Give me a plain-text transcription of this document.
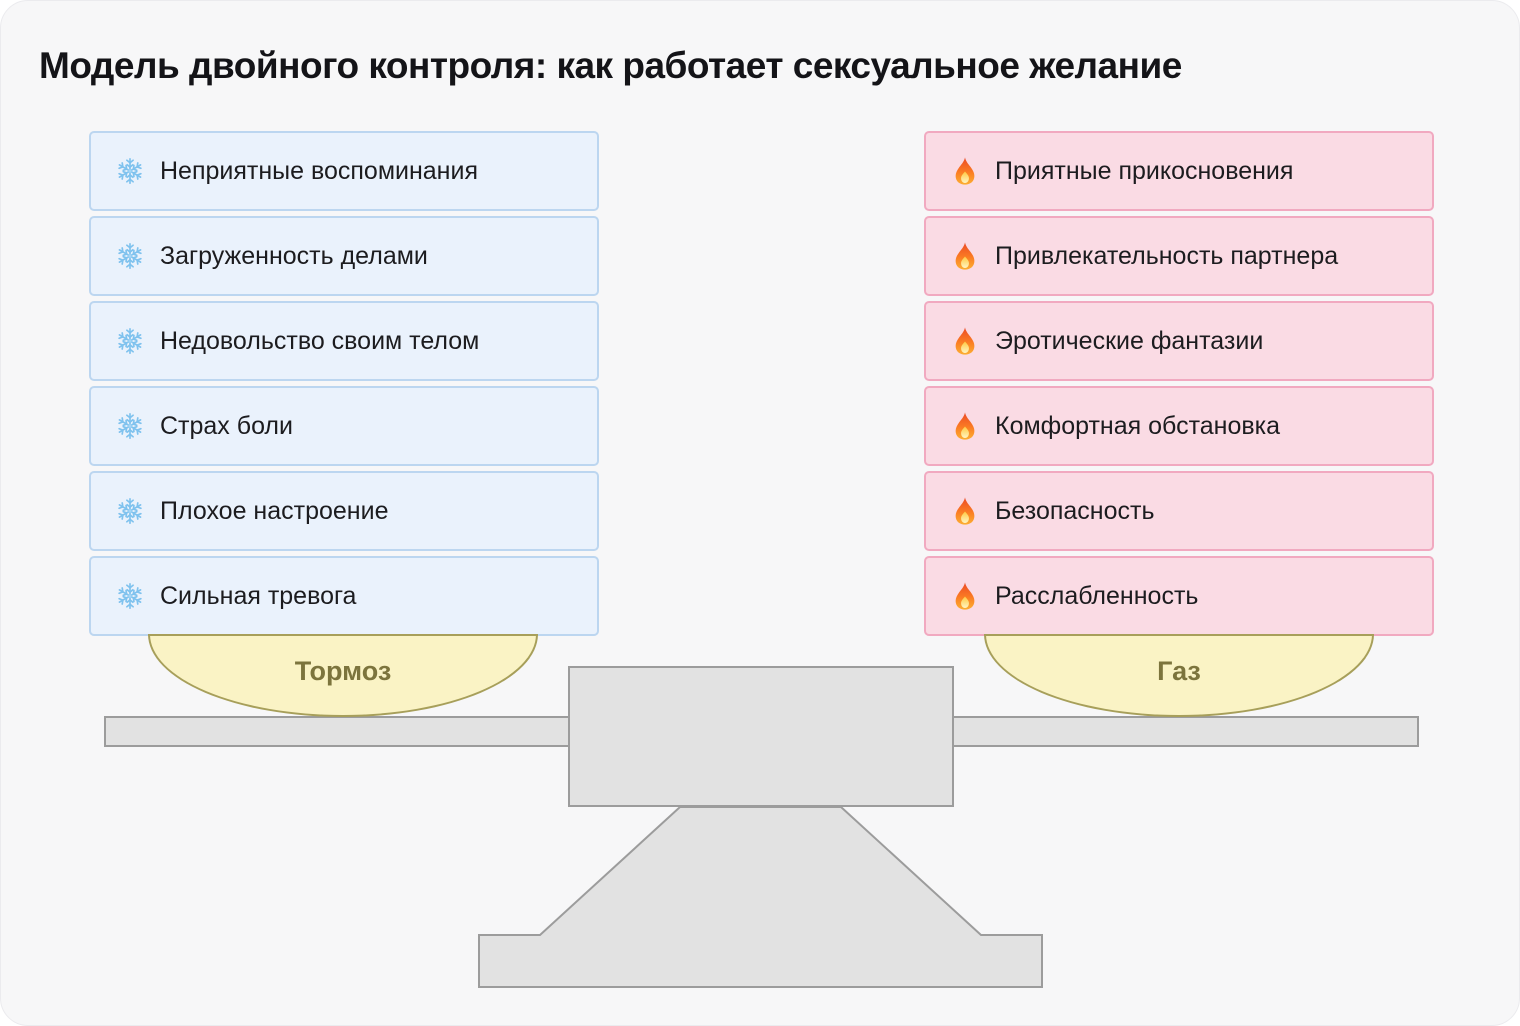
Модель двойного контроля: как работает сексуальное желание
Неприятные воспоминания
Загруженность делами
Недовольство своим телом
Страх боли
Плохое настроение
Сильная тревога
Приятные прикосновения
Привлекательность партнера
Эротические фантазии
Комфортная обстановка
Безопасность
Расслабленность
Тормоз	Газ
